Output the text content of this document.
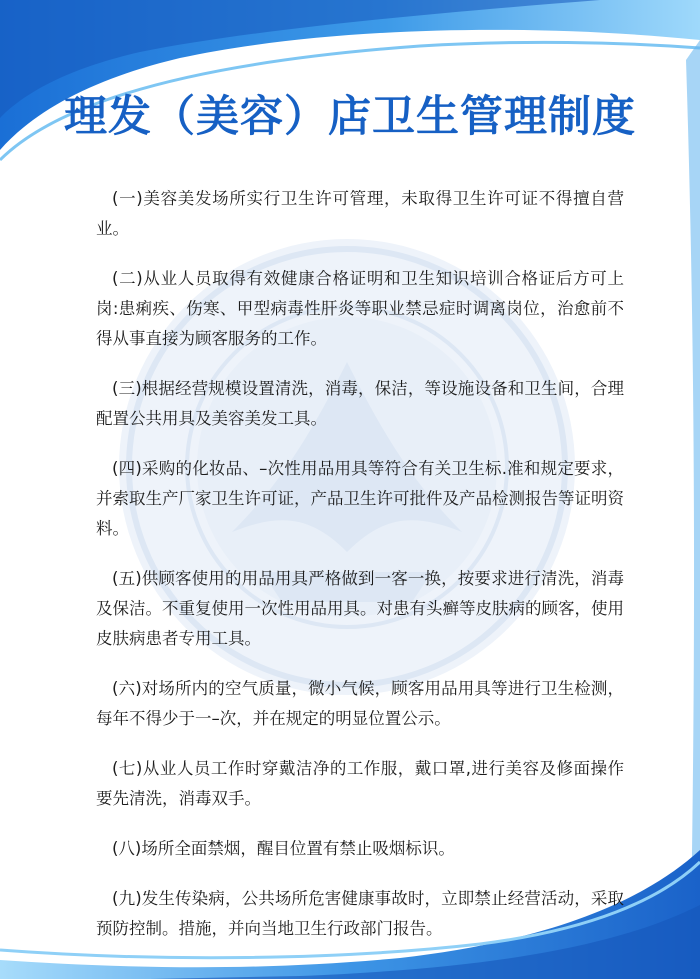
理发（美容）店卫生管理制度

(一)美容美发场所实行卫生许可管理，未取得卫生许可证不得擅自营业。

(二)从业人员取得有效健康合格证明和卫生知识培训合格证后方可上岗:患痢疾、伤寒、甲型病毒性肝炎等职业禁忌症时调离岗位，治愈前不得从事直接为顾客服务的工作。

(三)根据经营规模设置清洗，消毒，保洁，等设施设备和卫生间，合理配置公共用具及美容美发工具。

(四)采购的化妆品、–次性用品用具等符合有关卫生标.准和规定要求，并索取生产厂家卫生许可证，产品卫生许可批件及产品检测报告等证明资料。

(五)供顾客使用的用品用具严格做到一客一换，按要求进行清洗，消毒及保洁。不重复使用一次性用品用具。对患有头癣等皮肤病的顾客，使用皮肤病患者专用工具。

(六)对场所内的空气质量，微小气候，顾客用品用具等进行卫生检测，每年不得少于一–次，并在规定的明显位置公示。

(七)从业人员工作时穿戴洁净的工作服，戴口罩,进行美容及修面操作要先清洗，消毒双手。

(八)场所全面禁烟，醒目位置有禁止吸烟标识。

(九)发生传染病，公共场所危害健康事故时，立即禁止经营活动，采取预防控制。措施，并向当地卫生行政部门报告。
